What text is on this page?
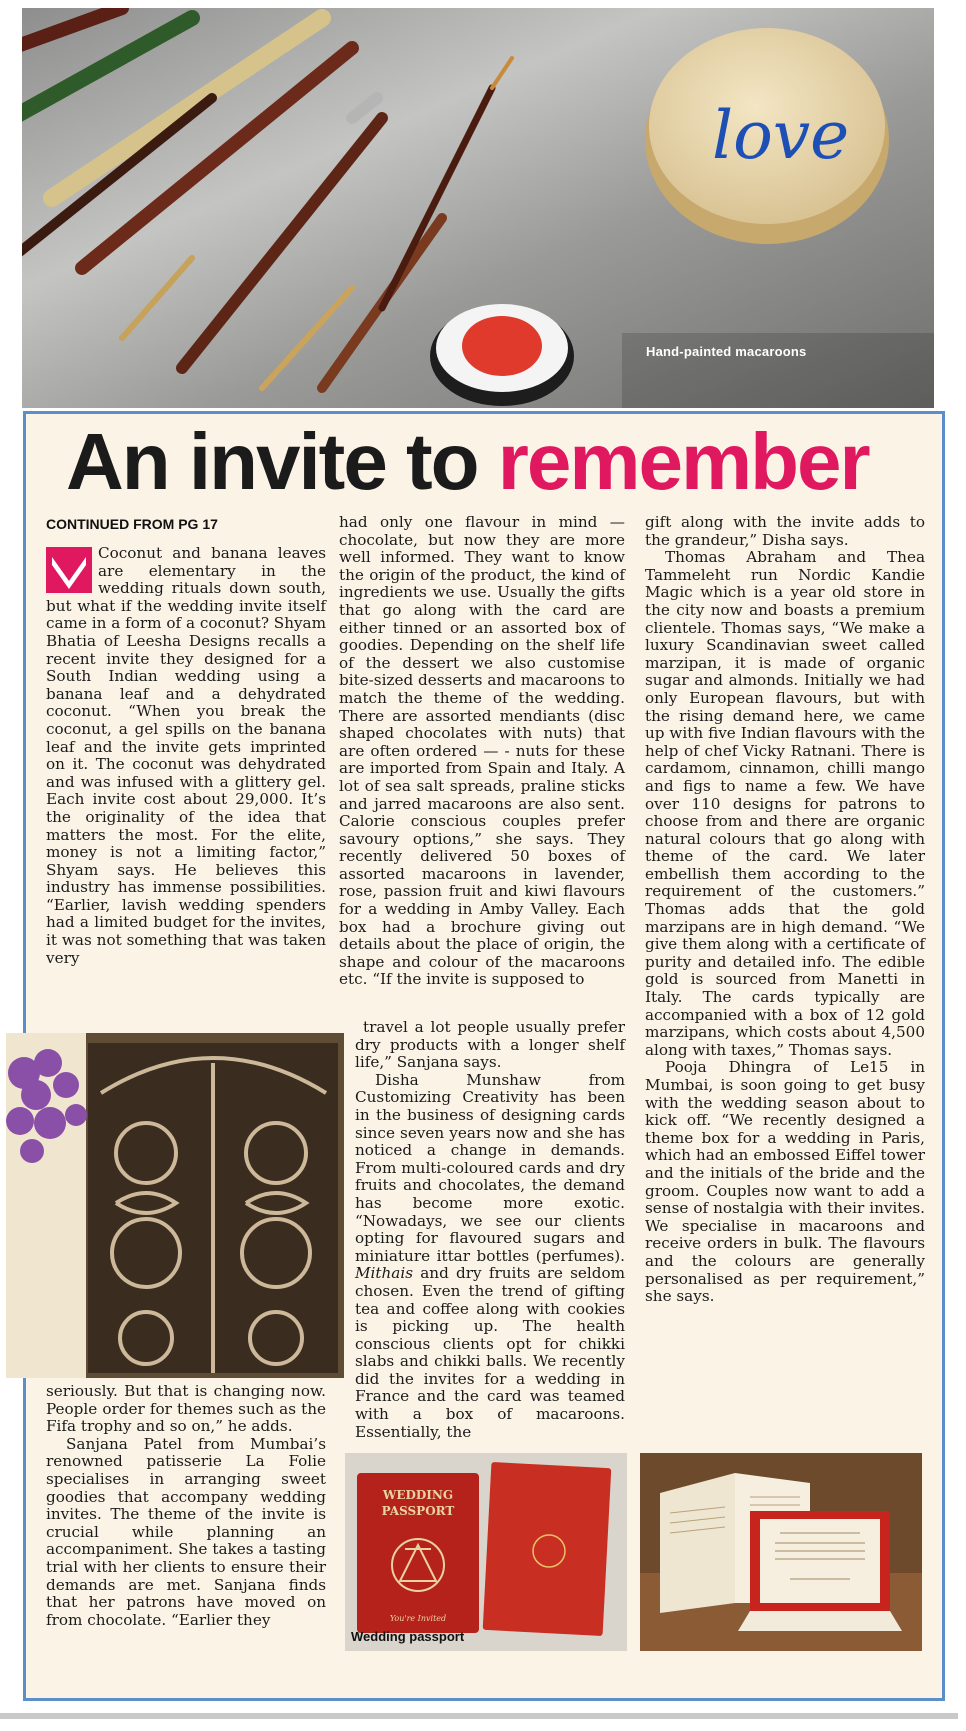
love
Hand-painted macaroons
An invite to remember
CONTINUED FROM PG 17

Coconut and banana leaves are elementary in the wedding rituals down south, but what if the wedding invite itself came in a form of a coconut? Shyam Bhatia of Leesha Designs recalls a recent invite they designed for a South Indian wedding using a banana leaf and a dehydrated coconut. “When you break the coconut, a gel spills on the banana leaf and the invite gets imprinted on it. The coconut was dehydrated and was infused with a glittery gel. Each invite cost about 29,000. It’s the originality of the idea that matters the most. For the elite, money is not a limiting factor,” Shyam says. He believes this industry has immense possibilities. “Earlier, lavish wedding spenders had a limited budget for the invites, it was not something that was taken very

seriously. But that is changing now. People order for themes such as the Fifa trophy and so on,” he adds.

Sanjana Patel from Mumbai’s renowned patisserie La Folie specialises in arranging sweet goodies that accompany wedding invites. The theme of the invite is crucial while planning an accompaniment. She takes a tasting trial with her clients to ensure their demands are met. Sanjana finds that her patrons have moved on from chocolate. “Earlier they

had only one flavour in mind — chocolate, but now they are more well informed. They want to know the origin of the product, the kind of ingredients we use. Usually the gifts that go along with the card are either tinned or an assorted box of goodies. Depending on the shelf life of the dessert we also customise bite-sized desserts and macaroons to match the theme of the wedding. There are assorted mendiants (disc shaped chocolates with nuts) that are often ordered — - nuts for these are imported from Spain and Italy. A lot of sea salt spreads, praline sticks and jarred macaroons are also sent. Calorie conscious couples prefer savoury options,” she says. They recently delivered 50 boxes of assorted macaroons in lavender, rose, passion fruit and kiwi flavours for a wedding in Amby Valley. Each box had a brochure giving out details about the place of origin, the shape and colour of the macaroons etc. “If the invite is supposed to

travel a lot people usually prefer dry products with a longer shelf life,” Sanjana says.

Disha Munshaw from Customizing Creativity has been in the business of designing cards since seven years now and she has noticed a change in demands. From multi-coloured cards and dry fruits and chocolates, the demand has become more exotic. “Nowadays, we see our clients opting for flavoured sugars and miniature ittar bottles (perfumes). Mithais and dry fruits are seldom chosen. Even the trend of gifting tea and coffee along with cookies is picking up. The health conscious clients opt for chikki slabs and chikki balls. We recently did the invites for a wedding in France and the card was teamed with a box of macaroons. Essentially, the

gift along with the invite adds to the grandeur,” Disha says.

Thomas Abraham and Thea Tammeleht run Nordic Kandie Magic which is a year old store in the city now and boasts a premium clientele. Thomas says, “We make a luxury Scandinavian sweet called marzipan, it is made of organic sugar and almonds. Initially we had only European flavours, but with the rising demand here, we came up with five Indian flavours with the help of chef Vicky Ratnani. There is cardamom, cinnamon, chilli mango and figs to name a few. We have over 110 designs for patrons to choose from and there are organic natural colours that go along with theme of the card. We later embellish them according to the requirement of the customers.” Thomas adds that the gold marzipans are in high demand. “We give them along with a certificate of purity and detailed info. The edible gold is sourced from Manetti in Italy. The cards typically are accompanied with a box of 12 gold marzipans, which costs about 4,500 along with taxes,” Thomas says.

Pooja Dhingra of Le15 in Mumbai, is soon going to get busy with the wedding season about to kick off. “We recently designed a theme box for a wedding in Paris, which had an embossed Eiffel tower and the initials of the bride and the groom. Couples now want to add a sense of nostalgia with their invites. We specialise in macaroons and receive orders in bulk. The flavours and the colours are generally personalised as per requirement,” she says.

WEDDING
PASSPORT
You're Invited
Wedding passport
